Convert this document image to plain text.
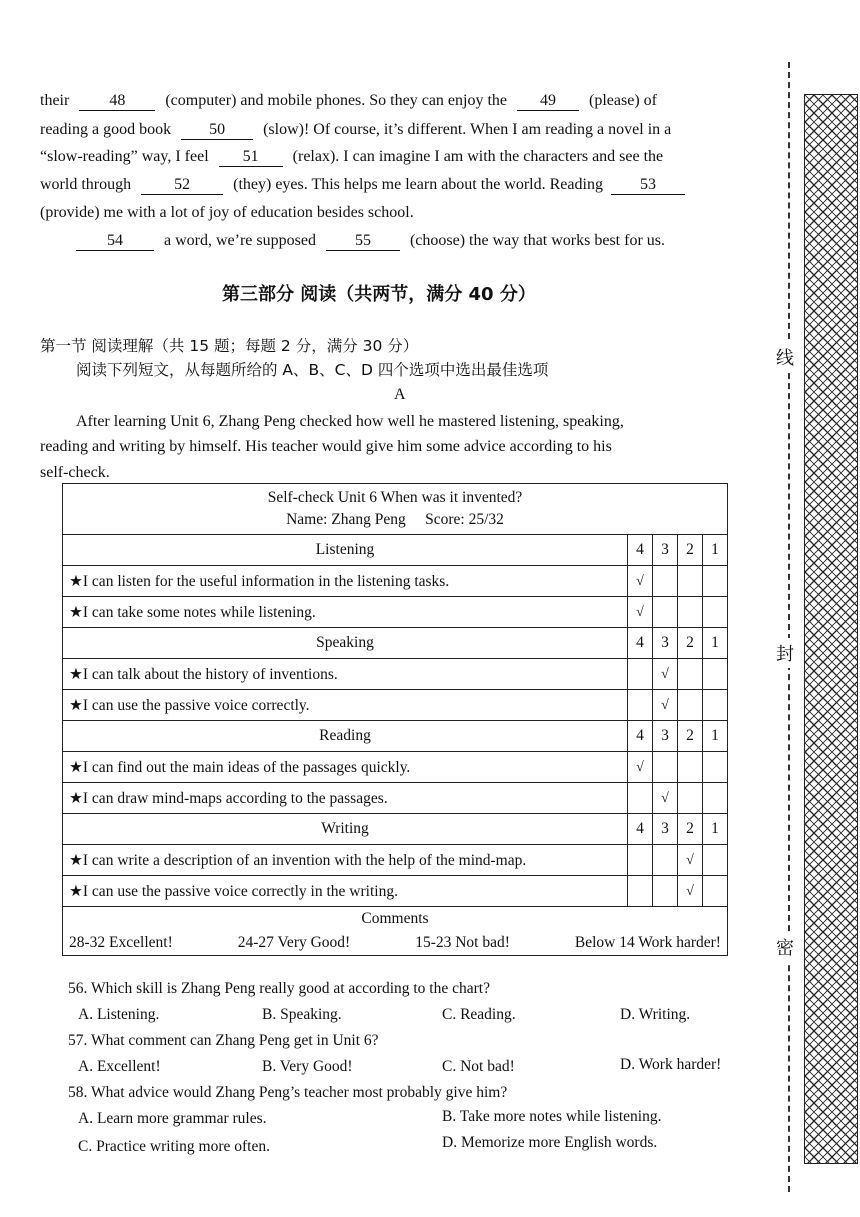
their	48	(computer) and mobile phones. So they can enjoy the 49 (please) of
reading a good book 50 (slow)! Of course, it’s different. When I am reading a novel in a
“slow-reading” way, I feel 51 (relax). I can imagine I am with the characters and see the
world through	52	(they) eyes. This helps me learn about the world. Reading 53
(provide) me with a lot of joy of education besides school.
54	a word, we’re supposed 55 (choose) the way that works best for us.
第三部分 阅读（共两节，满分 40 分）
第一节 阅读理解（共 15 题；每题 2 分，满分 30 分）
阅读下列短文，从每题所给的 A、B、C、D 四个选项中选出最佳选项
A
After learning Unit 6, Zhang Peng checked how well he mastered listening, speaking,
reading and writing by himself. His teacher would give him some advice according to his
self-check.
Self-check Unit 6 When was it invented?
Name: Zhang Peng     Score: 25/32				

Listening	4	3	2	1
★I can listen for the useful information in the listening tasks.	√			
★I can take some notes while listening.	√			
Speaking	4	3	2	1
★I can talk about the history of inventions.		√		
★I can use the passive voice correctly.		√		
Reading	4	3	2	1
★I can find out the main ideas of the passages quickly.	√			
★I can draw mind-maps according to the passages.		√		
Writing	4	3	2	1
★I can write a description of an invention with the help of the mind-map.			√	
★I can use the passive voice correctly in the writing.			√	
Comments				

28-32 Excellent! 24-27 Very Good! 15-23 Not bad! Below 14 Work harder!				
56. Which skill is Zhang Peng really good at according to the chart?
A. Listening.	B. Speaking.	C. Reading.	D. Writing.
57. What comment can Zhang Peng get in Unit 6?
A. Excellent!	B. Very Good!	C. Not bad!	D. Work harder!
58. What advice would Zhang Peng’s teacher most probably give him?
A. Learn more grammar rules.	B. Take more notes while listening.
C. Practice writing more often.	D. Memorize more English words.
线
封
密
